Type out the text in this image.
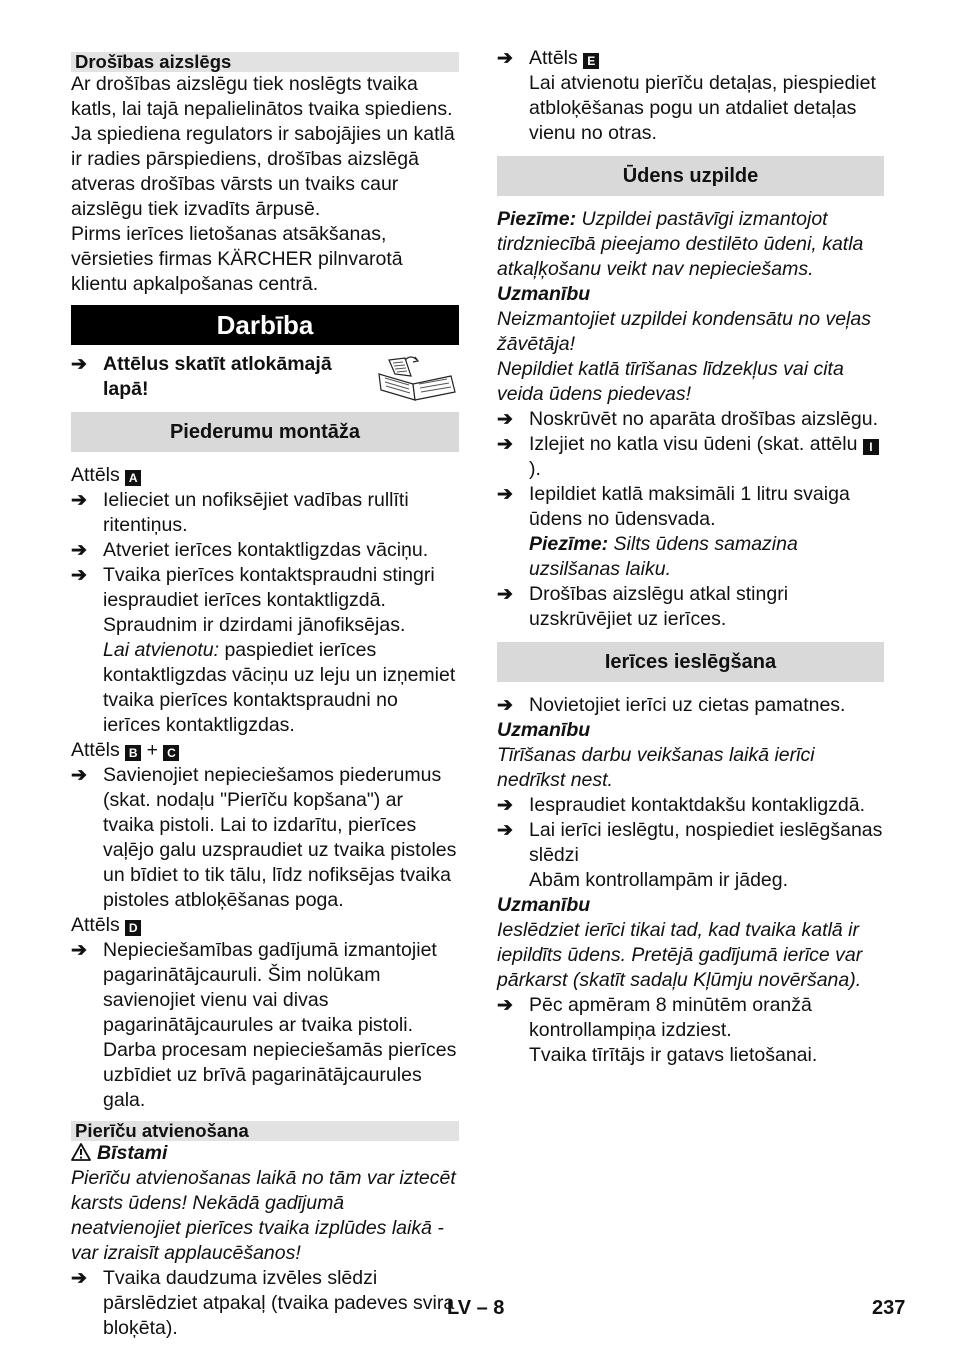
Drošības aizslēgs

Ar drošības aizslēgu tiek noslēgts tvaika katls, lai tajā nepalielinātos tvaika spiediens. Ja spiediena regulators ir sabojājies un katlā ir radies pārspiediens, drošības aizslēgā atveras drošības vārsts un tvaiks caur aizslēgu tiek izvadīts ārpusē.

Pirms ierīces lietošanas atsākšanas, vērsieties firmas KÄRCHER pilnvarotā klientu apkalpošanas centrā.

Darbība
➔ Attēlus skatīt atlokāmajā lapā!
Piederumu montāža

Attēls A

➔ Ielieciet un nofiksējiet vadības rullīti ritentiņus.
➔ Atveriet ierīces kontaktligzdas vāciņu.
➔ Tvaika pierīces kontaktspraudni stingri iespraudiet ierīces kontaktligzdā. Spraudnim ir dzirdami jānofiksējas.
Lai atvienotu: paspiediet ierīces kontaktligzdas vāciņu uz leju un izņemiet tvaika pierīces kontaktspraudni no ierīces kontaktligzdas.

Attēls B + C

➔ Savienojiet nepieciešamos piederumus (skat. nodaļu "Pierīču kopšana") ar tvaika pistoli. Lai to izdarītu, pierīces vaļējo galu uzspraudiet uz tvaika pistoles un bīdiet to tik tālu, līdz nofiksējas tvaika pistoles atbloķēšanas poga.

Attēls D

➔ Nepieciešamības gadījumā izmantojiet pagarinātājcauruli. Šim nolūkam savienojiet vienu vai divas pagarinātājcaurules ar tvaika pistoli. Darba procesam nepieciešamās pierīces uzbīdiet uz brīvā pagarinātājcaurules gala.
Pierīču atvienošana

Bīstami

Pierīču atvienošanas laikā no tām var iztecēt karsts ūdens! Nekādā gadījumā neatvienojiet pierīces tvaika izplūdes laikā - var izraisīt applaucēšanos!

➔ Tvaika daudzuma izvēles slēdzi pārslēdziet atpakaļ (tvaika padeves svira bloķēta).
➔ Attēls E
Lai atvienotu pierīču detaļas, piespiediet atbloķēšanas pogu un atdaliet detaļas vienu no otras.
Ūdens uzpilde

Piezīme: Uzpildei pastāvīgi izmantojot tirdzniecībā pieejamo destilēto ūdeni, katla atkaļķošanu veikt nav nepieciešams.

Uzmanību

Neizmantojiet uzpildei kondensātu no veļas žāvētāja!

Nepildiet katlā tīrīšanas līdzekļus vai cita veida ūdens piedevas!

➔ Noskrūvēt no aparāta drošības aizslēgu.
➔ Izlejiet no katla visu ūdeni (skat. attēlu I).
➔ Iepildiet katlā maksimāli 1 litru svaiga ūdens no ūdensvada.
Piezīme: Silts ūdens samazina uzsilšanas laiku.
➔ Drošības aizslēgu atkal stingri uzskrūvējiet uz ierīces.
Ierīces ieslēgšana
➔ Novietojiet ierīci uz cietas pamatnes.

Uzmanību

Tīrīšanas darbu veikšanas laikā ierīci nedrīkst nest.

➔ Iespraudiet kontaktdakšu kontakligzdā.
➔ Lai ierīci ieslēgtu, nospiediet ieslēgšanas slēdzi
Abām kontrollampām ir jādeg.

Uzmanību

Ieslēdziet ierīci tikai tad, kad tvaika katlā ir iepildīts ūdens. Pretējā gadījumā ierīce var pārkarst (skatīt sadaļu Kļūmju novēršana).

➔ Pēc apmēram 8 minūtēm oranžā kontrollampiņa izdziest.
Tvaika tīrītājs ir gatavs lietošanai.
LV – 8	237
